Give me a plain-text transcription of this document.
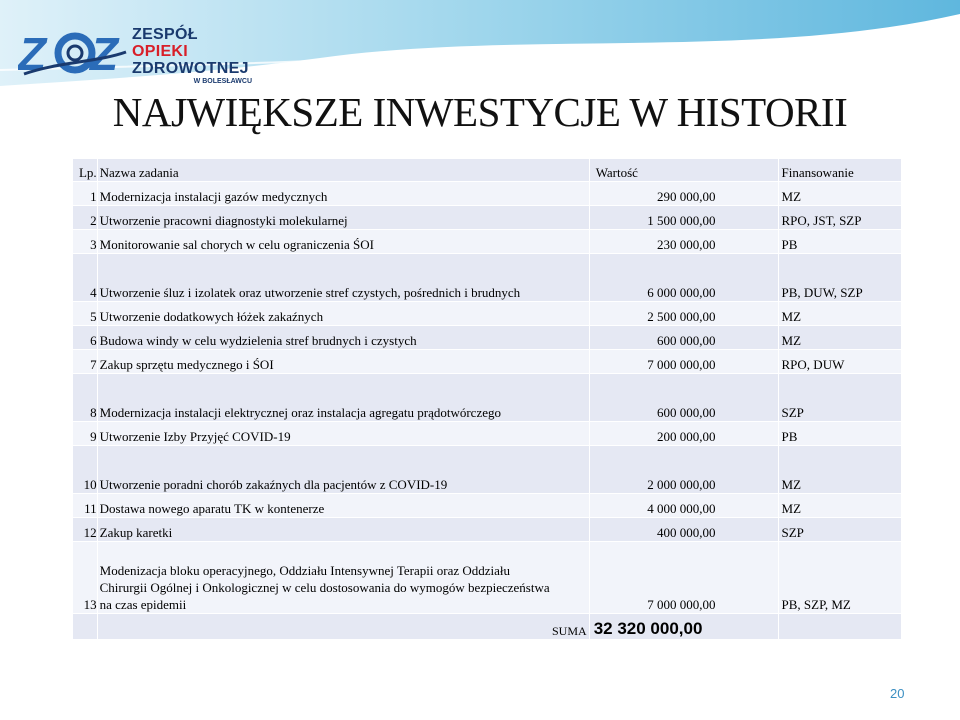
Z Z ZESPÓŁ OPIEKI
ZDROWOTNEJ
W BOLESŁAWCU
NAJWIĘKSZE INWESTYCJE W HISTORII
Lp.	Nazwa zadania	Wartość	Finansowanie
1	Modernizacja instalacji gazów medycznych	290 000,00	MZ
2	Utworzenie pracowni diagnostyki molekularnej	1 500 000,00	RPO, JST, SZP
3	Monitorowanie sal chorych w celu ograniczenia ŚOI	230 000,00	PB
4	Utworzenie śluz i izolatek oraz utworzenie stref czystych, pośrednich i brudnych	6 000 000,00	PB, DUW, SZP
5	Utworzenie dodatkowych łóżek zakaźnych	2 500 000,00	MZ
6	Budowa windy w celu wydzielenia stref brudnych i czystych	600 000,00	MZ
7	Zakup sprzętu medycznego i ŚOI	7 000 000,00	RPO, DUW
8	Modernizacja instalacji elektrycznej oraz instalacja agregatu prądotwórczego	600 000,00	SZP
9	Utworzenie Izby Przyjęć COVID-19	200 000,00	PB
10	Utworzenie poradni chorób zakaźnych dla pacjentów z COVID-19	2 000 000,00	MZ
11	Dostawa nowego aparatu TK w kontenerze	4 000 000,00	MZ
12	Zakup karetki	400 000,00	SZP
13	Modenizacja bloku operacyjnego, Oddziału Intensywnej Terapii oraz Oddziału
Chirurgii Ogólnej i Onkologicznej w celu dostosowania do wymogów bezpieczeństwa
na czas epidemii	7 000 000,00	PB, SZP, MZ
	SUMA	32 320 000,00	
20
